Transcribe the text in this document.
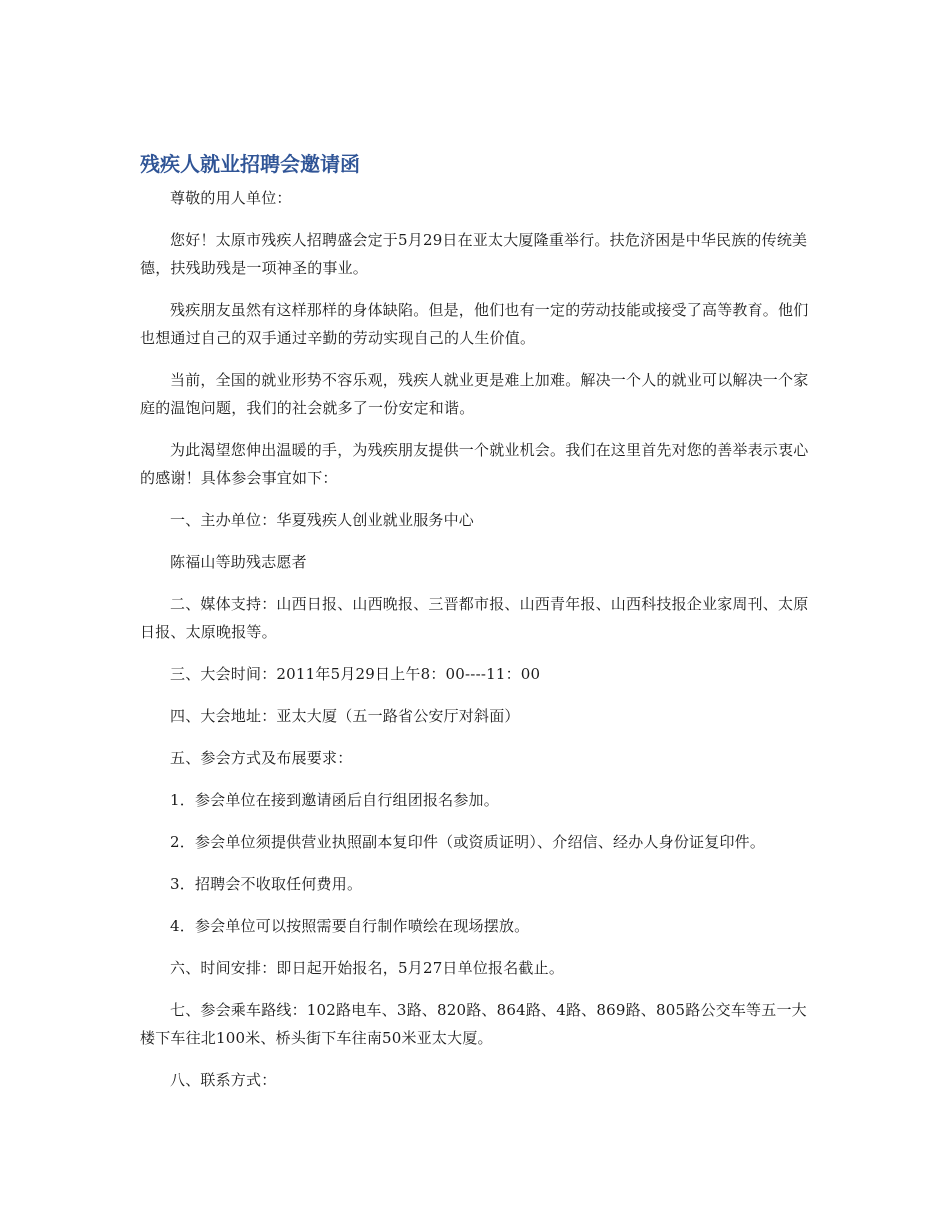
残疾人就业招聘会邀请函

尊敬的用人单位：

您好！太原市残疾人招聘盛会定于5月29日在亚太大厦隆重举行。扶危济困是中华民族的传统美德，扶残助残是一项神圣的事业。

残疾朋友虽然有这样那样的身体缺陷。但是，他们也有一定的劳动技能或接受了高等教育。他们也想通过自己的双手通过辛勤的劳动实现自己的人生价值。

当前，全国的就业形势不容乐观，残疾人就业更是难上加难。解决一个人的就业可以解决一个家庭的温饱问题，我们的社会就多了一份安定和谐。

为此渴望您伸出温暖的手，为残疾朋友提供一个就业机会。我们在这里首先对您的善举表示衷心的感谢！具体参会事宜如下：

一、主办单位：华夏残疾人创业就业服务中心

陈福山等助残志愿者

二、媒体支持：山西日报、山西晚报、三晋都市报、山西青年报、山西科技报企业家周刊、太原日报、太原晚报等。

三、大会时间：2011年5月29日上午8：00----11：00

四、大会地址：亚太大厦（五一路省公安厅对斜面）

五、参会方式及布展要求：

1．参会单位在接到邀请函后自行组团报名参加。

2．参会单位须提供营业执照副本复印件（或资质证明）、介绍信、经办人身份证复印件。

3．招聘会不收取任何费用。

4．参会单位可以按照需要自行制作喷绘在现场摆放。

六、时间安排：即日起开始报名，5月27日单位报名截止。

七、参会乘车路线：102路电车、3路、820路、864路、4路、869路、805路公交车等五一大楼下车往北100米、桥头街下车往南50米亚太大厦。

八、联系方式：
